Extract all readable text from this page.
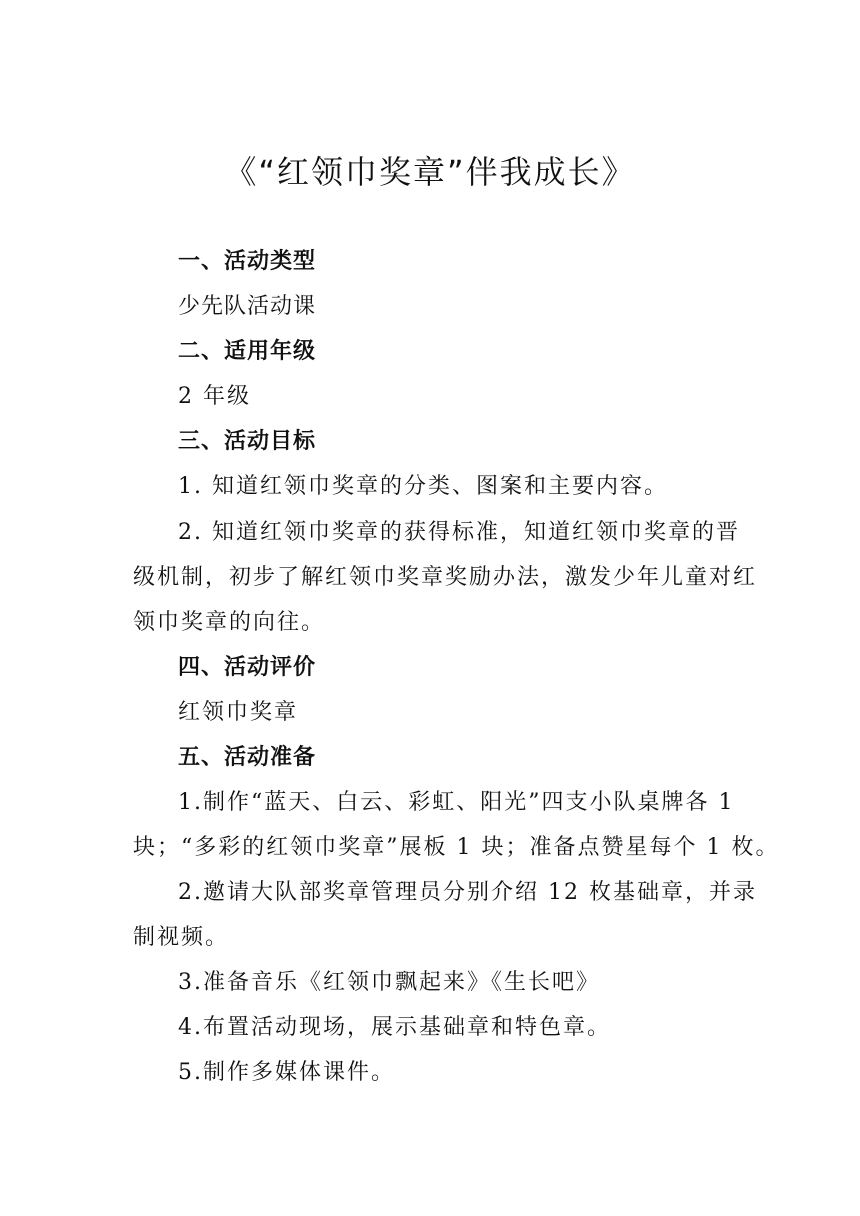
《“红领巾奖章”伴我成长》
一、活动类型
少先队活动课
二、适用年级
2 年级
三、活动目标
1. 知道红领巾奖章的分类、图案和主要内容。
2. 知道红领巾奖章的获得标准，知道红领巾奖章的晋
级机制，初步了解红领巾奖章奖励办法，激发少年儿童对红
领巾奖章的向往。
四、活动评价
红领巾奖章
五、活动准备
1.制作“蓝天、白云、彩虹、阳光”四支小队桌牌各 1
块；“多彩的红领巾奖章”展板 1 块；准备点赞星每个 1 枚。
2.邀请大队部奖章管理员分别介绍 12 枚基础章，并录
制视频。
3.准备音乐《红领巾飘起来》《生长吧》
4.布置活动现场，展示基础章和特色章。
5.制作多媒体课件。
